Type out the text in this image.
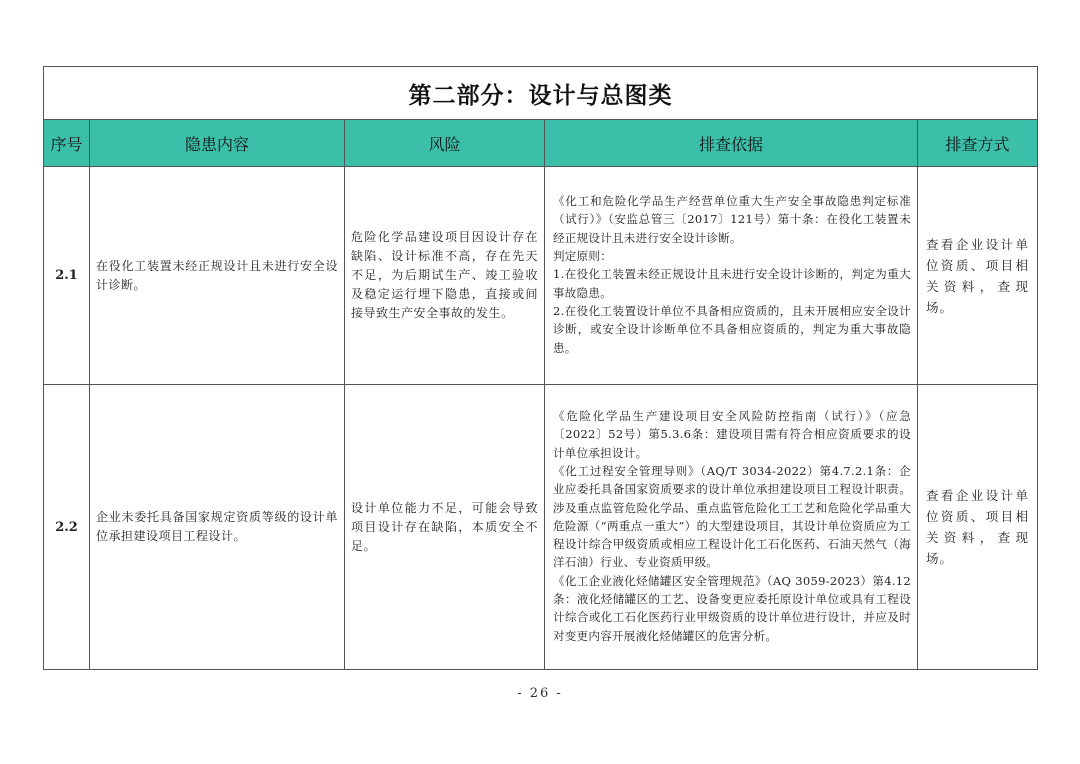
第二部分：设计与总图类				
序号	隐患内容	风险	排查依据	排查方式
2.1	在役化工装置未经正规设计且未进行安全设计诊断。	危险化学品建设项目因设计存在缺陷、设计标准不高，存在先天不足，为后期试生产、竣工验收及稳定运行埋下隐患，直接或间接导致生产安全事故的发生。	《化工和危险化学品生产经营单位重大生产安全事故隐患判定标准（试行）》（安监总管三〔2017〕121号）第十条：在役化工装置未经正规设计且未进行安全设计诊断。

判定原则：

1.在役化工装置未经正规设计且未进行安全设计诊断的，判定为重大事故隐患。

2.在役化工装置设计单位不具备相应资质的，且未开展相应安全设计诊断，或安全设计诊断单位不具备相应资质的，判定为重大事故隐患。	查看企业设计单位资质、项目相关资料，查现场。
2.2	企业未委托具备国家规定资质等级的设计单位承担建设项目工程设计。	设计单位能力不足，可能会导致项目设计存在缺陷，本质安全不足。	《危险化学品生产建设项目安全风险防控指南（试行）》（应急〔2022〕52号）第5.3.6条：建设项目需有符合相应资质要求的设计单位承担设计。

《化工过程安全管理导则》（AQ/T 3034-2022）第4.7.2.1条：企业应委托具备国家资质要求的设计单位承担建设项目工程设计职责。涉及重点监管危险化学品、重点监管危险化工工艺和危险化学品重大危险源（“两重点一重大”）的大型建设项目，其设计单位资质应为工程设计综合甲级资质或相应工程设计化工石化医药、石油天然气（海洋石油）行业、专业资质甲级。

《化工企业液化烃储罐区安全管理规范》（AQ 3059-2023）第4.12条：液化烃储罐区的工艺、设备变更应委托原设计单位或具有工程设计综合或化工石化医药行业甲级资质的设计单位进行设计，并应及时对变更内容开展液化烃储罐区的危害分析。	查看企业设计单位资质、项目相关资料，查现场。
- 26 -
